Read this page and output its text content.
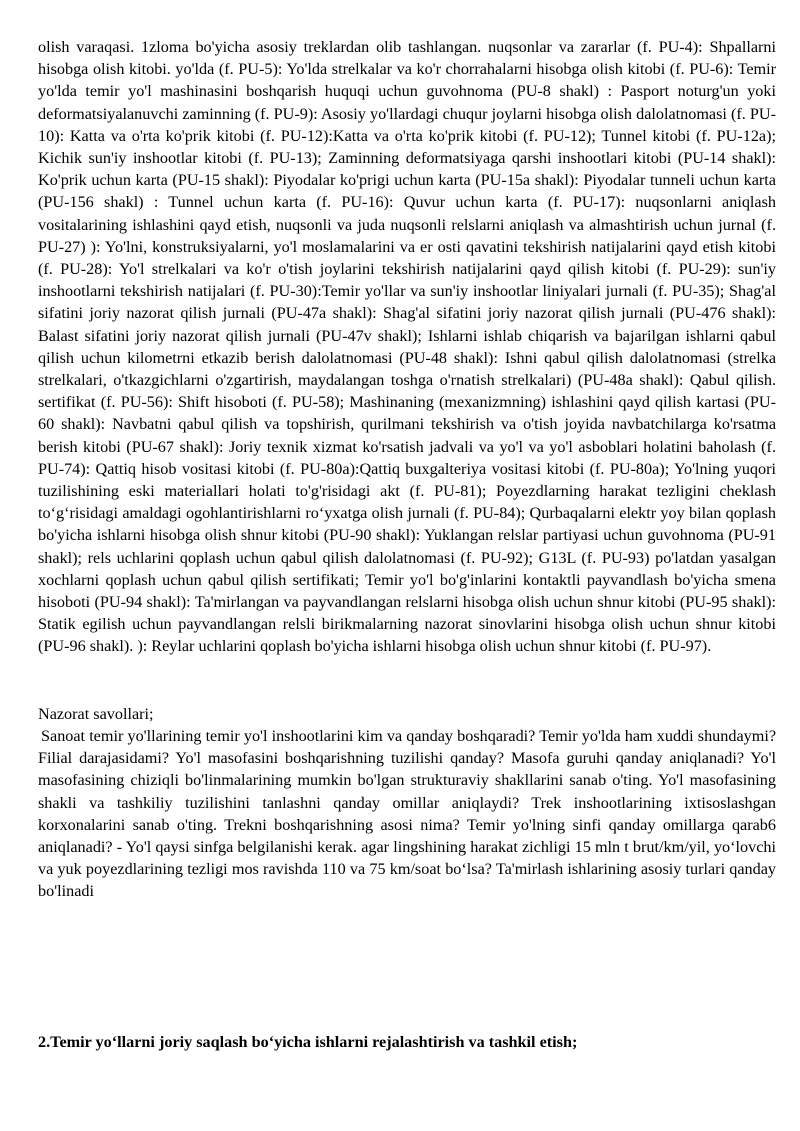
olish varaqasi. 1zloma bo'yicha asosiy treklardan olib tashlangan. nuqsonlar va zararlar (f. PU-4): Shpallarni hisobga olish kitobi. yo'lda (f. PU-5): Yo'lda strelkalar va ko'r chorrahalarni hisobga olish kitobi (f. PU-6): Temir yo'lda temir yo'l mashinasini boshqarish huquqi uchun guvohnoma (PU-8 shakl) : Pasport noturg'un yoki deformatsiyalanuvchi zaminning (f. PU-9): Asosiy yo'llardagi chuqur joylarni hisobga olish dalolatnomasi (f. PU-10): Katta va o'rta ko'prik kitobi (f. PU-12):Katta va o'rta ko'prik kitobi (f. PU-12); Tunnel kitobi (f. PU-12a); Kichik sun'iy inshootlar kitobi (f. PU-13); Zaminning deformatsiyaga qarshi inshootlari kitobi (PU-14 shakl): Ko'prik uchun karta (PU-15 shakl): Piyodalar ko'prigi uchun karta (PU-15a shakl): Piyodalar tunneli uchun karta (PU-156 shakl) : Tunnel uchun karta (f. PU-16): Quvur uchun karta (f. PU-17): nuqsonlarni aniqlash vositalarining ishlashini qayd etish, nuqsonli va juda nuqsonli relslarni aniqlash va almashtirish uchun jurnal (f. PU-27) ): Yo'lni, konstruksiyalarni, yo'l moslamalarini va er osti qavatini tekshirish natijalarini qayd etish kitobi (f. PU-28): Yo'l strelkalari va ko'r o'tish joylarini tekshirish natijalarini qayd qilish kitobi (f. PU-29): sun'iy inshootlarni tekshirish natijalari (f. PU-30):Temir yo'llar va sun'iy inshootlar liniyalari jurnali (f. PU-35); Shag'al sifatini joriy nazorat qilish jurnali (PU-47a shakl): Shag'al sifatini joriy nazorat qilish jurnali (PU-476 shakl): Balast sifatini joriy nazorat qilish jurnali (PU-47v shakl); Ishlarni ishlab chiqarish va bajarilgan ishlarni qabul qilish uchun kilometrni etkazib berish dalolatnomasi (PU-48 shakl): Ishni qabul qilish dalolatnomasi (strelka strelkalari, o'tkazgichlarni o'zgartirish, maydalangan toshga o'rnatish strelkalari) (PU-48a shakl): Qabul qilish. sertifikat (f. PU-56): Shift hisoboti (f. PU-58); Mashinaning (mexanizmning) ishlashini qayd qilish kartasi (PU-60 shakl): Navbatni qabul qilish va topshirish, qurilmani tekshirish va o'tish joyida navbatchilarga ko'rsatma berish kitobi (PU-67 shakl): Joriy texnik xizmat ko'rsatish jadvali va yo'l va yo'l asboblari holatini baholash (f. PU-74): Qattiq hisob vositasi kitobi (f. PU-80a):Qattiq buxgalteriya vositasi kitobi (f. PU-80a); Yo'lning yuqori tuzilishining eski materiallari holati to'g'risidagi akt (f. PU-81); Poyezdlarning harakat tezligini cheklash to‘g‘risidagi amaldagi ogohlantirishlarni ro‘yxatga olish jurnali (f. PU-84); Qurbaqalarni elektr yoy bilan qoplash bo'yicha ishlarni hisobga olish shnur kitobi (PU-90 shakl): Yuklangan relslar partiyasi uchun guvohnoma (PU-91 shakl); rels uchlarini qoplash uchun qabul qilish dalolatnomasi (f. PU-92); G13L (f. PU-93) po'latdan yasalgan xochlarni qoplash uchun qabul qilish sertifikati; Temir yo'l bo'g'inlarini kontaktli payvandlash bo'yicha smena hisoboti (PU-94 shakl): Ta'mirlangan va payvandlangan relslarni hisobga olish uchun shnur kitobi (PU-95 shakl): Statik egilish uchun payvandlangan relsli birikmalarning nazorat sinovlarini hisobga olish uchun shnur kitobi (PU-96 shakl). ): Reylar uchlarini qoplash bo'yicha ishlarni hisobga olish uchun shnur kitobi (f. PU-97).

Nazorat savollari;

Sanoat temir yo'llarining temir yo'l inshootlarini kim va qanday boshqaradi? Temir yo'lda ham xuddi shundaymi? Filial darajasidami? Yo'l masofasini boshqarishning tuzilishi qanday? Masofa guruhi qanday aniqlanadi? Yo'l masofasining chiziqli bo'linmalarining mumkin bo'lgan strukturaviy shakllarini sanab o'ting. Yo'l masofasining shakli va tashkiliy tuzilishini tanlashni qanday omillar aniqlaydi? Trek inshootlarining ixtisoslashgan korxonalarini sanab o'ting. Trekni boshqarishning asosi nima? Temir yo'lning sinfi qanday omillarga qarab6 aniqlanadi? - Yo'l qaysi sinfga belgilanishi kerak. agar lingshining harakat zichligi 15 mln t brut/km/yil, yo‘lovchi va yuk poyezdlarining tezligi mos ravishda 110 va 75 km/soat bo‘lsa? Ta'mirlash ishlarining asosiy turlari qanday bo'linadi

2.Temir yo‘llarni joriy saqlash bo‘yicha ishlarni rejalashtirish va tashkil etish;
